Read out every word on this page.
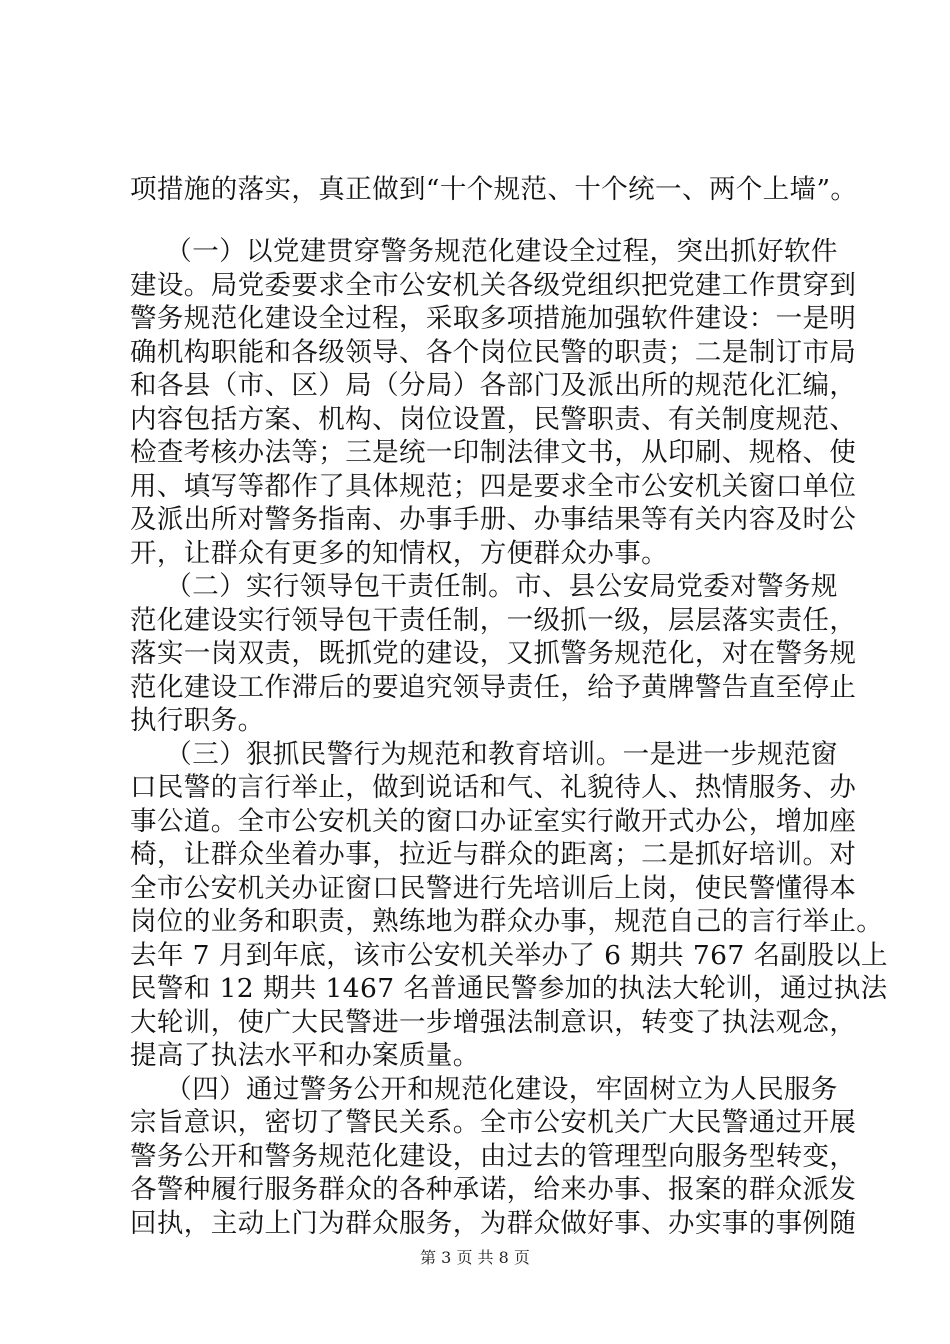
项措施的落实，真正做到“十个规范、十个统一、两个上墙”。
（一）以党建贯穿警务规范化建设全过程，突出抓好软件
建设。局党委要求全市公安机关各级党组织把党建工作贯穿到
警务规范化建设全过程，采取多项措施加强软件建设：一是明
确机构职能和各级领导、各个岗位民警的职责；二是制订市局
和各县（市、区）局（分局）各部门及派出所的规范化汇编，
内容包括方案、机构、岗位设置，民警职责、有关制度规范、
检查考核办法等；三是统一印制法律文书，从印刷、规格、使
用、填写等都作了具体规范；四是要求全市公安机关窗口单位
及派出所对警务指南、办事手册、办事结果等有关内容及时公
开，让群众有更多的知情权，方便群众办事。
（二）实行领导包干责任制。市、县公安局党委对警务规
范化建设实行领导包干责任制，一级抓一级，层层落实责任，
落实一岗双责，既抓党的建设，又抓警务规范化，对在警务规
范化建设工作滞后的要追究领导责任，给予黄牌警告直至停止
执行职务。
（三）狠抓民警行为规范和教育培训。一是进一步规范窗
口民警的言行举止，做到说话和气、礼貌待人、热情服务、办
事公道。全市公安机关的窗口办证室实行敞开式办公，增加座
椅，让群众坐着办事，拉近与群众的距离；二是抓好培训。对
全市公安机关办证窗口民警进行先培训后上岗，使民警懂得本
岗位的业务和职责，熟练地为群众办事，规范自己的言行举止。
去年 7 月到年底，该市公安机关举办了 6 期共 767 名副股以上
民警和 12 期共 1467 名普通民警参加的执法大轮训，通过执法
大轮训，使广大民警进一步增强法制意识，转变了执法观念，
提高了执法水平和办案质量。
（四）通过警务公开和规范化建设，牢固树立为人民服务
宗旨意识，密切了警民关系。全市公安机关广大民警通过开展
警务公开和警务规范化建设，由过去的管理型向服务型转变，
各警种履行服务群众的各种承诺，给来办事、报案的群众派发
回执，主动上门为群众服务，为群众做好事、办实事的事例随
第 3 页 共 8 页
